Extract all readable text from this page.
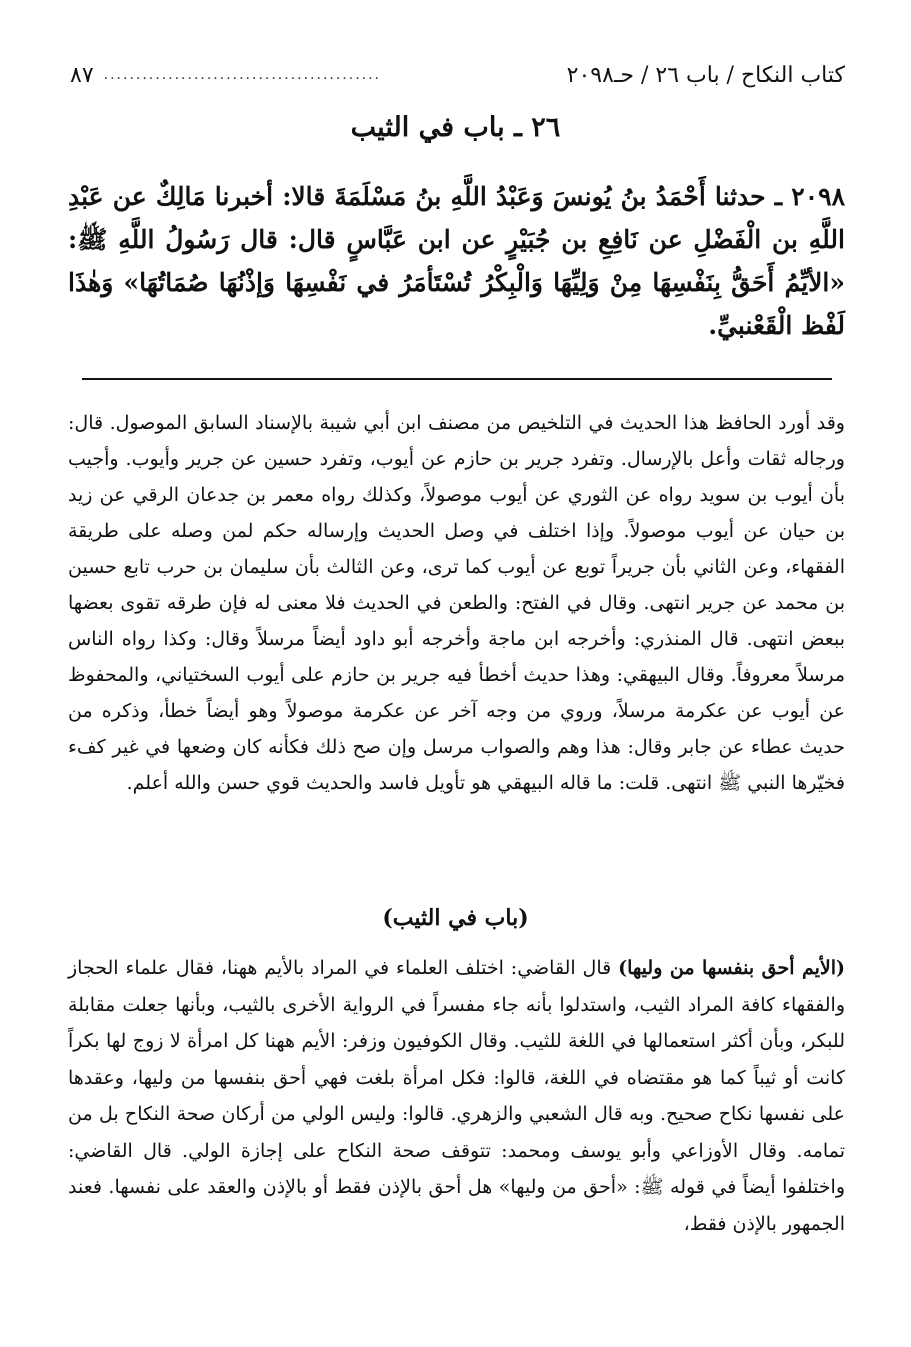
كتاب النكاح / باب ٢٦ / حـ٢٠٩٨
...........................................
٨٧
٢٦ ـ باب في الثيب
٢٠٩٨ ـ حدثنا أَحْمَدُ بنُ يُونسَ وَعَبْدُ اللَّهِ بنُ مَسْلَمَةَ قالا: أخبرنا مَالِكٌ عن عَبْدِ اللَّهِ بن الْفَضْلِ عن نَافِعِ بن جُبَيْرٍ عن ابن عَبَّاسٍ قال: قال رَسُولُ اللَّهِ ﷺ: «الأيِّمُ أَحَقُّ بِنَفْسِهَا مِنْ وَلِيِّهَا وَالْبِكْرُ تُسْتَأمَرُ في نَفْسِهَا وَإذْنُهَا صُمَاتُهَا» وَهٰذَا لَفْظ الْقَعْنبيِّ.

وقد أورد الحافظ هذا الحديث في التلخيص من مصنف ابن أبي شيبة بالإسناد السابق الموصول. قال: ورجاله ثقات وأعل بالإرسال. وتفرد جرير بن حازم عن أيوب، وتفرد حسين عن جرير وأيوب. وأجيب بأن أيوب بن سويد رواه عن الثوري عن أيوب موصولاً، وكذلك رواه معمر بن جدعان الرقي عن زيد بن حيان عن أيوب موصولاً. وإذا اختلف في وصل الحديث وإرساله حكم لمن وصله على طريقة الفقهاء، وعن الثاني بأن جريراً توبع عن أيوب كما ترى، وعن الثالث بأن سليمان بن حرب تابع حسين بن محمد عن جرير انتهى. وقال في الفتح: والطعن في الحديث فلا معنى له فإن طرقه تقوى بعضها ببعض انتهى. قال المنذري: وأخرجه ابن ماجة وأخرجه أبو داود أيضاً مرسلاً وقال: وكذا رواه الناس مرسلاً معروفاً. وقال البيهقي: وهذا حديث أخطأ فيه جرير بن حازم على أيوب السختياني، والمحفوظ عن أيوب عن عكرمة مرسلاً، وروي من وجه آخر عن عكرمة موصولاً وهو أيضاً خطأ، وذكره من حديث عطاء عن جابر وقال: هذا وهم والصواب مرسل وإن صح ذلك فكأنه كان وضعها في غير كفء فخيّرها النبي ﷺ انتهى. قلت: ما قاله البيهقي هو تأويل فاسد والحديث قوي حسن والله أعلم.

(باب في الثيب)

(الأيم أحق بنفسها من وليها) قال القاضي: اختلف العلماء في المراد بالأيم ههنا، فقال علماء الحجاز والفقهاء كافة المراد الثيب، واستدلوا بأنه جاء مفسراً في الرواية الأخرى بالثيب، وبأنها جعلت مقابلة للبكر، وبأن أكثر استعمالها في اللغة للثيب. وقال الكوفيون وزفر: الأيم ههنا كل امرأة لا زوج لها بكراً كانت أو ثيباً كما هو مقتضاه في اللغة، قالوا: فكل امرأة بلغت فهي أحق بنفسها من وليها، وعقدها على نفسها نكاح صحيح. وبه قال الشعبي والزهري. قالوا: وليس الولي من أركان صحة النكاح بل من تمامه. وقال الأوزاعي وأبو يوسف ومحمد: تتوقف صحة النكاح على إجازة الولي. قال القاضي: واختلفوا أيضاً في قوله ﷺ: «أحق من وليها» هل أحق بالإذن فقط أو بالإذن والعقد على نفسها. فعند الجمهور بالإذن فقط،
